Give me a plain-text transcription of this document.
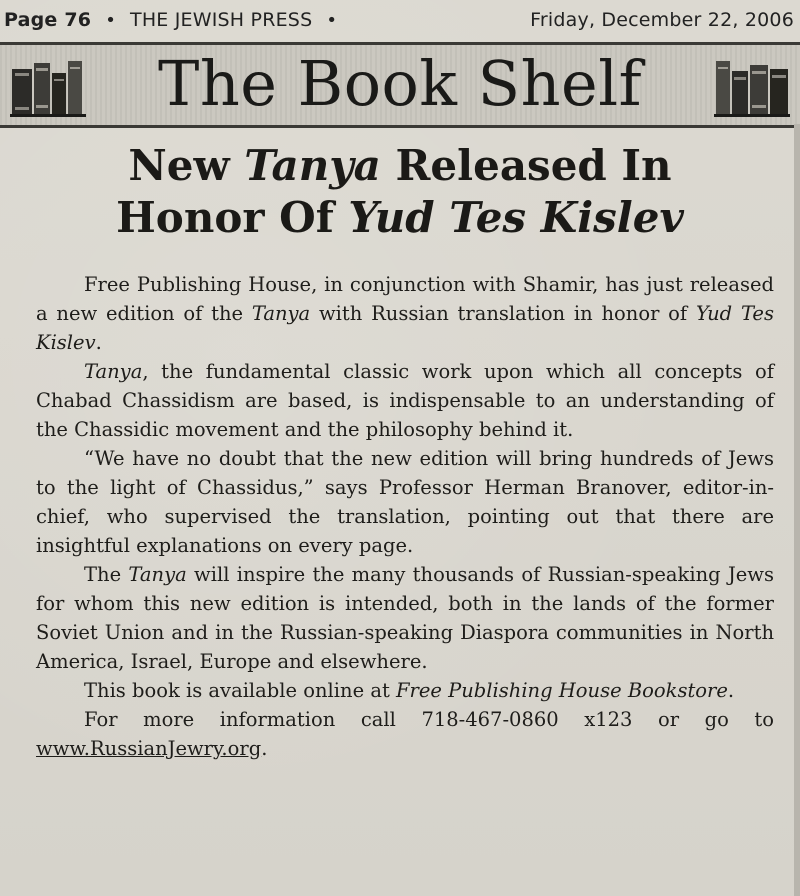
Page 76 • THE JEWISH PRESS •	Friday, December 22, 2006
The Book Shelf
New Tanya Released In
Honor Of Yud Tes Kislev

Free Publishing House, in conjunction with Shamir, has just released a new edition of the Tanya with Russian translation in honor of Yud Tes Kislev.

Tanya, the fundamental classic work upon which all concepts of Chabad Chassidism are based, is indispensable to an understanding of the Chassidic movement and the philosophy behind it.

“We have no doubt that the new edition will bring hundreds of Jews to the light of Chassidus,” says Professor Herman Branover, editor-in-chief, who supervised the translation, pointing out that there are insightful explanations on every page.

The Tanya will inspire the many thousands of Russian-speaking Jews for whom this new edition is intended, both in the lands of the former Soviet Union and in the Russian-speaking Diaspora communities in North America, Israel, Europe and elsewhere.

This book is available online at Free Publishing House Bookstore.

For more information call 718-467-0860 x123 or go to www.RussianJewry.org.
